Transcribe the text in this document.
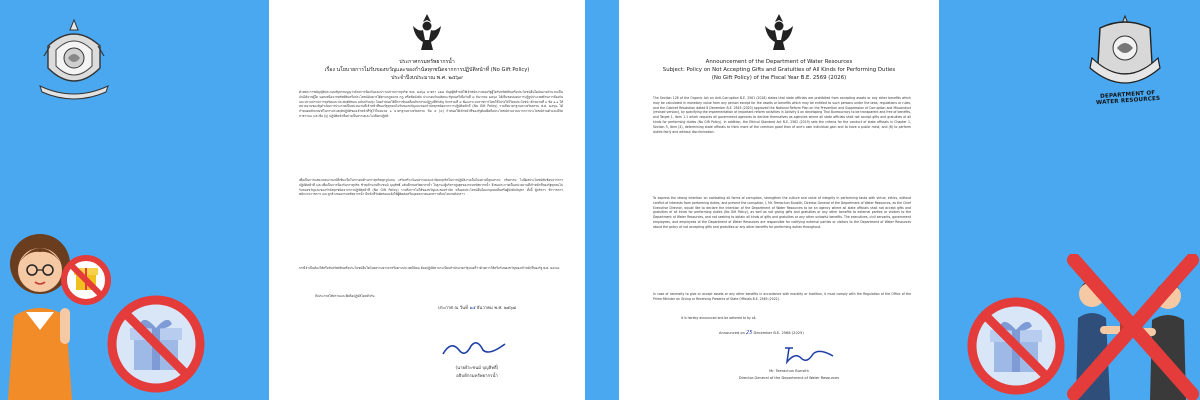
ประกาศกรมทรัพยากรน้ำ
เรื่อง นโยบายการไม่รับของขวัญและของกำนัลทุกชนิดจากการปฏิบัติหน้าที่ (No Gift Policy)
ประจำปีงบประมาณ พ.ศ. ๒๕๖๙
ด้วยพระราชบัญญัติประกอบรัฐธรรมนูญว่าด้วยการป้องกันและปราบปรามการทุจริต พ.ศ. ๒๕๖๑ มาตรา ๑๒๘ บัญญัติห้ามมิให้เจ้าพนักงานของรัฐผู้ใดรับทรัพย์สินหรือประโยชน์อื่นใดอันอาจคำนวณเป็นเงินได้จากผู้ใด นอกเหนือจากทรัพย์สินหรือประโยชน์อันควรได้ตามกฎหมาย กฎ หรือข้อบังคับ ประกอบกับมติคณะรัฐมนตรีเมื่อวันที่ ๘ ธันวาคม ๒๕๖๓ ได้เห็นชอบแผนการปฏิรูปประเทศด้านการป้องกันและปราบปรามการทุจริตและประพฤติมิชอบ ฉบับปรับปรุง โดยกำหนดให้มีการขับเคลื่อนกิจกรรมปฏิรูปที่สำคัญ กิจกรรมที่ ๔ พัฒนาระบบราชการไทยให้โปร่งใสไร้ผลประโยชน์ เป้าหมายที่ ๑ ข้อ ๑.๑ ให้หน่วยงานของรัฐดำเนินการประกาศเป็นหน่วยงานที่เจ้าหน้าที่ของรัฐทุกคนไม่รับของขวัญและของกำนัลทุกชนิดจากการปฏิบัติหน้าที่ (No Gift Policy) รวมถึงมาตรฐานทางจริยธรรม พ.ศ. ๒๕๖๒ ได้กำหนดหลักเกณฑ์ในการประพฤติปฏิบัติของเจ้าหน้าที่รัฐไว้ในหมวด ๑ มาตรฐานทางจริยธรรม ข้อ ๕ (๔) กำหนดให้เจ้าหน้าที่ของรัฐต้องยึดถือประโยชน์ส่วนรวมมากกว่าประโยชน์ส่วนตัวและมีจิตสาธารณะ และข้อ (๖) ปฏิบัติหน้าที่อย่างเป็นธรรมและไม่เลือกปฏิบัติ
เพื่อเป็นการแสดงเจตนารมณ์ที่เข้มแข็งในการต่อต้านการทุจริตทุกรูปแบบ เสริมสร้างวัฒนธรรมและค่านิยมสุจริตในการปฏิบัติงานเป็นไปอย่างมีคุณธรรม จริยธรรม ไม่มีผลประโยชน์ทับซ้อนจากการปฏิบัติหน้าที่ และเพื่อเป็นการป้องกันการทุจริต ข้าพเจ้านายธีระชนม์ บุญสิทธิ์ อธิบดีกรมทรัพยากรน้ำ ในฐานะผู้บริหารสูงสุดของกรมทรัพยากรน้ำ จึงขอประกาศเป็นหน่วยงานที่เจ้าหน้าที่ของรัฐทุกคนไม่รับของขวัญและของกำนัลทุกชนิดจากการปฏิบัติหน้าที่ (No Gift Policy) รวมถึงการไม่ให้ของขวัญและของกำนัล หรือผลประโยชน์อื่นใดแก่บุคคลอื่นหรือผู้บังคับบัญชา ทั้งนี้ ผู้บริหาร ข้าราชการ พนักงานราชการ และลูกจ้างของกรมทรัพยากรน้ำ มีหน้าที่รับผิดชอบแจ้งให้ผู้ติดต่อหรือบุคคลภายนอกทราบถึงนโยบายดังกล่าว
กรณีจำเป็นต้องให้หรือรับทรัพย์สินหรือประโยชน์อื่นใดโดยธรรมจรรยาหรือตามประเพณีนิยม ต้องปฏิบัติตามระเบียบสำนักนายกรัฐมนตรีว่าด้วยการให้หรือรับของขวัญของเจ้าหน้าที่ของรัฐ พ.ศ. ๒๕๔๘
จึงประกาศให้ทราบและยึดถือปฏิบัติโดยทั่วกัน
ประกาศ ณ วันที่ ๒๕ ธันวาคม พ.ศ. ๒๕๖๘
(นายธีระชนม์ บุญสิทธิ์)
อธิบดีกรมทรัพยากรน้ำ
Announcement of the Department of Water Resources
Subject: Policy on Not Accepting Gifts and Gratuities of All Kinds for Performing Duties
(No Gift Policy) of the Fiscal Year B.E. 2569 (2026)
The Section 128 of the Organic Act on Anti-Corruption B.E. 2561 (2018) states that state officials are prohibited from accepting assets or any other benefits which may be calculated in monetary value from any person except for the assets or benefits which may be entitled to such persons under the laws, regulations or rules, and the Cabinet Resolution dated 8 December B.E. 2563 (2020) approved the National Reform Plan on the Prevention and Suppression of Corruption and Misconduct (revised version), by specifying the implementation of important reform activities in Activity 4 on developing Thai Bureaucracy to be transparent and free of benefits, and Target 1, Item 1.1 which requires all government agencies to declare themselves as agencies where all state officials shall not accept gifts and gratuities of all kinds for performing duties (No Gift Policy). In addition, the Ethical Standard Act B.E. 2562 (2019) sets the criteria for the conduct of state officials in Chapter 1, Section 5, Item (4), determining state officials to think more of the common good than of one's own individual gain and to have a public mind, and (6) to perform duties fairly and without discrimination.
To express the strong intention on combating all forms of corruption, strengthen the culture and value of integrity in performing tasks with virtue, ethics, without conflict of interests from performing duties, and prevent the corruption, I, Mr. Teerachun Bunsith, Director-General of the Department of Water Resources, as the Chief Executive Director, would like to declare the intention of the Department of Water Resources to be an agency where all state officials shall not accept gifts and gratuities of all kinds for performing duties (No Gift Policy), as well as not giving gifts and gratuities or any other benefits to external parties or visitors to the Department of Water Resources, and not seeking to obtain all kinds of gifts and gratuities or any other unlawful benefits. The executives, civil servants, government employees, and employees of the Department of Water Resources are responsible for notifying external parties or visitors to the Department of Water Resources about the policy of not accepting gifts and gratuities or any other benefits for performing duties throughout.
In case of necessity to give or accept assets or any other benefits in accordance with morality or tradition, it must comply with the Regulation of the Office of the Prime Minister on Giving or Receiving Presents of State Officials B.E. 2565 (2022).
It is hereby announced and be adhered to by all.
Announced on 25 December B.E. 2568 (2025)
Mr. Teerachun Bunsith
Director-General of the Department of Water Resources
DEPARTMENT OF WATER RESOURCES
